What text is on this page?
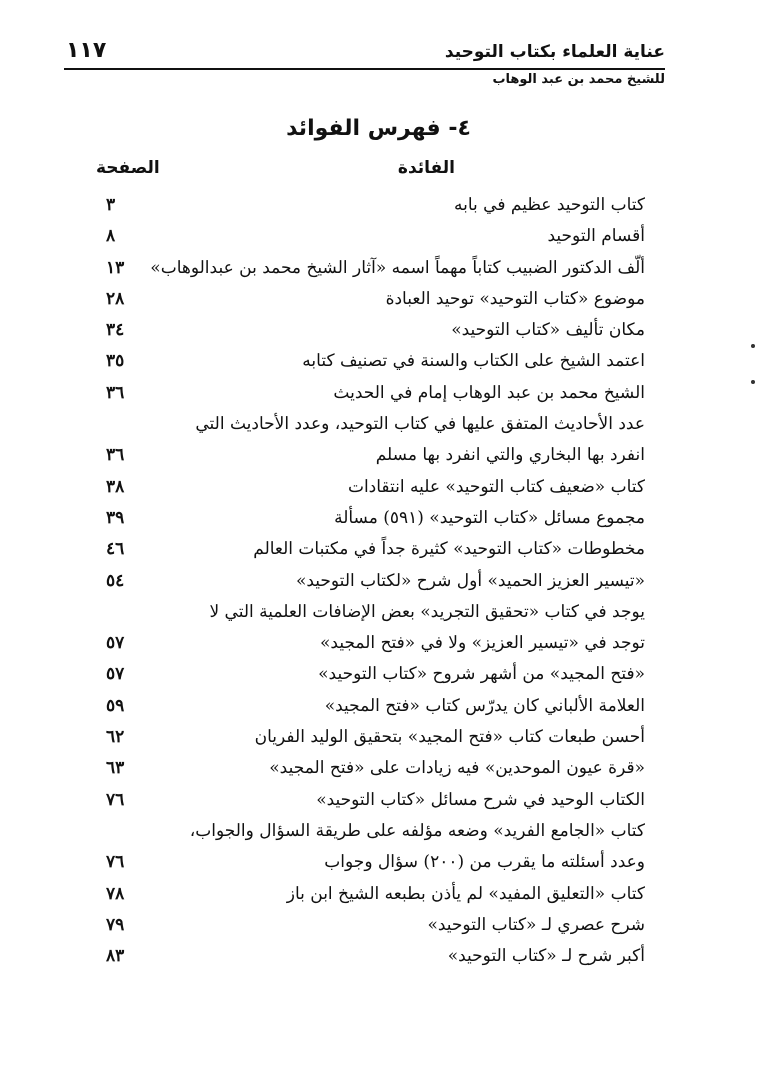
عناية العلماء بكتاب التوحيد
١١٧
للشيخ محمد بن عبد الوهاب
٤- فهرس الفوائد
الفائدة
الصفحة
كتاب التوحيد عظيم في بابه
٣
أقسام التوحيد
٨
ألّف الدكتور الضبيب كتاباً مهماً اسمه «آثار الشيخ محمد بن عبدالوهاب»
١٣
موضوع «كتاب التوحيد» توحيد العبادة
٢٨
مكان تأليف «كتاب التوحيد»
٣٤
اعتمد الشيخ على الكتاب والسنة في تصنيف كتابه
٣٥
الشيخ محمد بن عبد الوهاب إمام في الحديث
٣٦
عدد الأحاديث المتفق عليها في كتاب التوحيد، وعدد الأحاديث التي
انفرد بها البخاري والتي انفرد بها مسلم
٣٦
كتاب «ضعيف كتاب التوحيد» عليه انتقادات
٣٨
مجموع مسائل «كتاب التوحيد» (٥٩١) مسألة
٣٩
مخطوطات «كتاب التوحيد» كثيرة جداً في مكتبات العالم
٤٦
«تيسير العزيز الحميد» أول شرح «لكتاب التوحيد»
٥٤
يوجد في كتاب «تحقيق التجريد» بعض الإضافات العلمية التي لا
توجد في «تيسير العزيز» ولا في «فتح المجيد»
٥٧
«فتح المجيد» من أشهر شروح «كتاب التوحيد»
٥٧
العلامة الألباني كان يدرّس كتاب «فتح المجيد»
٥٩
أحسن طبعات كتاب «فتح المجيد» بتحقيق الوليد الفريان
٦٢
«قرة عيون الموحدين» فيه زيادات على «فتح المجيد»
٦٣
الكتاب الوحيد في شرح مسائل «كتاب التوحيد»
٧٦
كتاب «الجامع الفريد» وضعه مؤلفه على طريقة السؤال والجواب،
وعدد أسئلته ما يقرب من (٢٠٠) سؤال وجواب
٧٦
كتاب «التعليق المفيد» لم يأذن بطبعه الشيخ ابن باز
٧٨
شرح عصري لـ «كتاب التوحيد»
٧٩
أكبر شرح لـ «كتاب التوحيد»
٨٣
